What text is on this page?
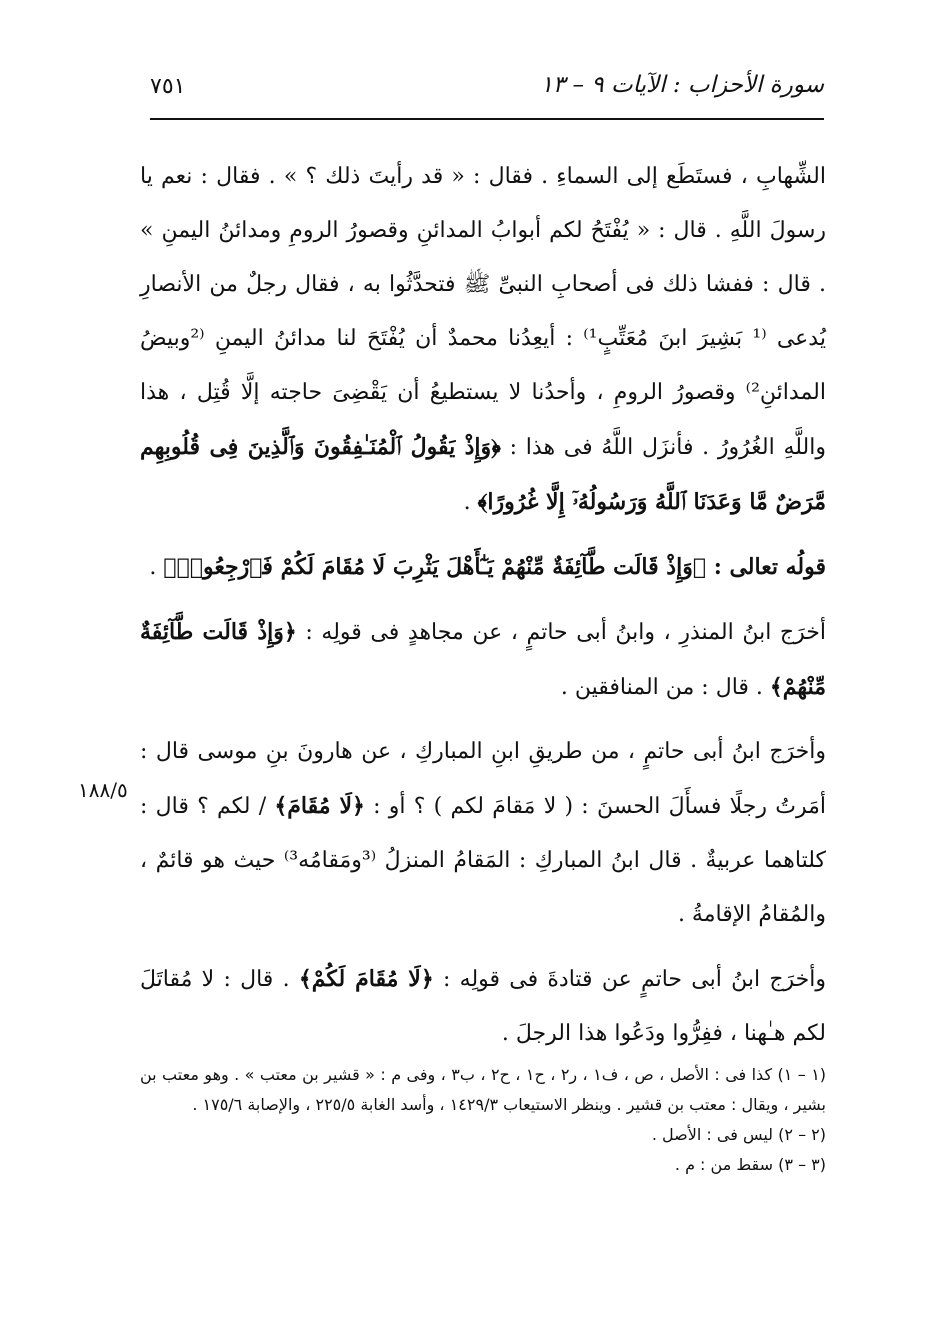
٧٥١	سورة الأحزاب : الآيات ٩ – ١٣

الشِّهابِ ، فستَطَع إلى السماءِ . فقال : « قد رأيتَ ذلك ؟ » . فقال : نعم يا رسولَ اللَّهِ . قال : « يُفْتَحُ لكم أبوابُ المدائنِ وقصورُ الرومِ ومدائنُ اليمنِ » . قال : ففشا ذلك فى أصحابِ النبىِّ ﷺ فتحدَّثُوا به ، فقال رجلٌ من الأنصارِ يُدعى ⁽¹ بَشِيرَ ابنَ مُعَتِّبٍ¹⁾ : أيعِدُنا محمدٌ أن يُفْتَحَ لنا مدائنُ اليمنِ ⁽²وبيضُ المدائنِ²⁾ وقصورُ الرومِ ، وأحدُنا لا يستطيعُ أن يَقْضِىَ حاجته إلَّا قُتِل ، هذا واللَّهِ الغُرُورُ . فأنزَل اللَّهُ فى هذا : ﴿وَإِذْ يَقُولُ ٱلْمُنَـٰفِقُونَ وَٱلَّذِينَ فِى قُلُوبِهِم مَّرَضٌ مَّا وَعَدَنَا ٱللَّهُ وَرَسُولُهُۥٓ إِلَّا غُرُورًا﴾ .

قولُه تعالى : ﴿وَإِذْ قَالَت طَّآئِفَةٌ مِّنْهُمْ يَـٰٓأَهْلَ يَثْرِبَ لَا مُقَامَ لَكُمْ فَٱرْجِعُوا۟﴾ .

أخرَج ابنُ المنذرِ ، وابنُ أبى حاتمٍ ، عن مجاهدٍ فى قولِه : ﴿وَإِذْ قَالَت طَّآئِفَةٌ مِّنْهُمْ﴾ . قال : من المنافقين .

وأخرَج ابنُ أبى حاتمٍ ، من طريقِ ابنِ المباركِ ، عن هارونَ بنِ موسى قال : أمَرتُ رجلًا فسأَلَ الحسنَ : ( لا مَقامَ لكم ) ؟ أو : ﴿لَا مُقَامَ﴾ / لكم ؟ قال : كلتاهما عربيةٌ . قال ابنُ المباركِ : المَقامُ المنزلُ ⁽³ومَقامُه³⁾ حيث هو قائمٌ ، والمُقامُ الإقامةُ .

وأخرَج ابنُ أبى حاتمٍ عن قتادةَ فى قولِه : ﴿لَا مُقَامَ لَكُمْ﴾ . قال : لا مُقاتَلَ لكم هـٰهنا ، ففِرُّوا ودَعُوا هذا الرجلَ .

١٨٨/٥

(١ – ١) كذا فى : الأصل ، ص ، ف١ ، ر٢ ، ح١ ، ح٢ ، ب٣ ، وفى م : « قشير بن معتب » . وهو معتب بن بشير ، ويقال : معتب بن قشير . وينظر الاستيعاب ١٤٢٩/٣ ، وأسد الغابة ٢٢٥/٥ ، والإصابة ١٧٥/٦ .

(٢ – ٢) ليس فى : الأصل .

(٣ – ٣) سقط من : م .
